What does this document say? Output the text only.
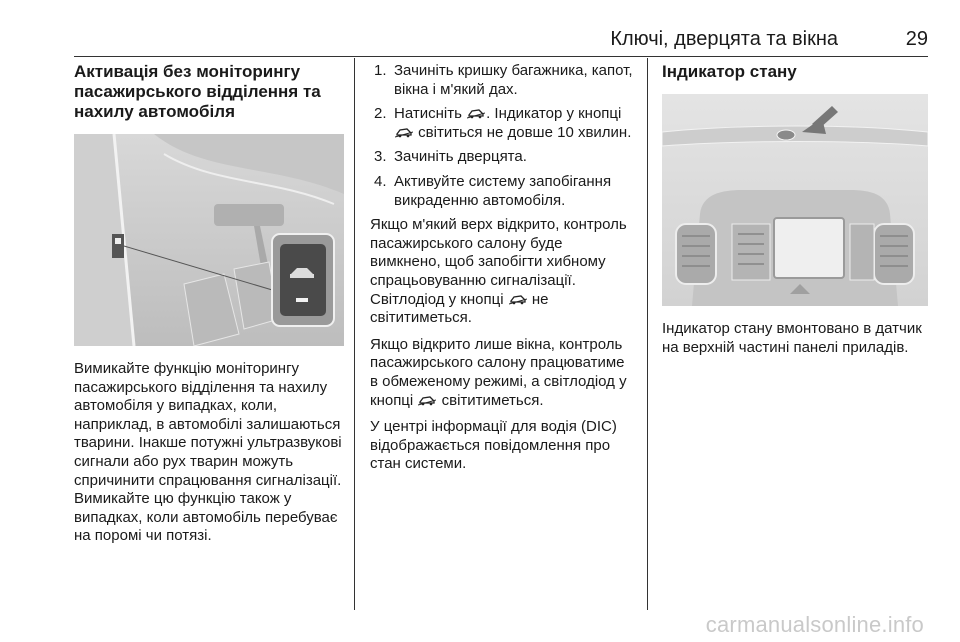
Ключі, дверцята та вікна	29
Активація без моніторингу пасажирського відділення та нахилу автомобіля

Вимикайте функцію моніторингу пасажирського відділення та нахилу автомобіля у випадках, коли, наприклад, в автомобілі залишаються тварини. Інакше потужні ультразвукові сигнали або рух тварин можуть спричинити спрацювання сигналізації.

Вимикайте цю функцію також у випадках, коли автомобіль перебуває на поромі чи потязі.

1. Зачиніть кришку багажника, капот, вікна і м'який дах.
2. Натисніть . Індикатор у кнопці  світиться не довше 10 хвилин.
3. Зачиніть дверцята.
4. Активуйте систему запобігання викраденню автомобіля.

Якщо м'який верх відкрито, контроль пасажирського салону буде вимкнено, щоб запобігти хибному спрацьовуванню сигналізації. Світлодіод у кнопці не світитиметься.

Якщо відкрито лише вікна, контроль пасажирського салону працюватиме в обмеженому режимі, а світлодіод у кнопці світитиметься.

У центрі інформації для водія (DIC) відображається повідомлення про стан системи.

Індикатор стану

Індикатор стану вмонтовано в датчик на верхній частині панелі приладів.

carmanualsonline.info
